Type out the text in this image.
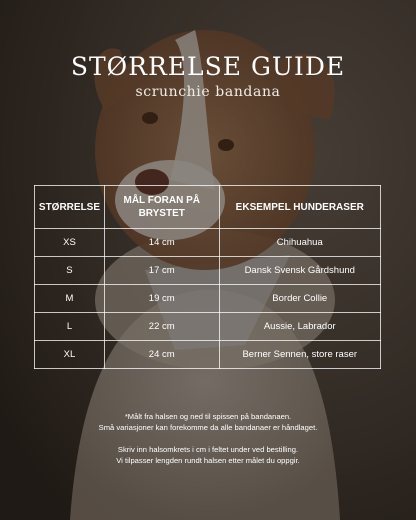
STØRRELSE GUIDE

scrunchie bandana

STØRRELSE	MÅL FORAN PÅ BRYSTET	EKSEMPEL HUNDERASER
XS	14 cm	Chihuahua
S	17 cm	Dansk Svensk Gårdshund
M	19 cm	Border Collie
L	22 cm	Aussie, Labrador
XL	24 cm	Berner Sennen, store raser

*Målt fra halsen og ned til spissen på bandanaen.

Små variasjoner kan forekomme da alle bandanaer er håndlaget.

Skriv inn halsomkrets i cm i feltet under ved bestilling.

Vi tilpasser lengden rundt halsen etter målet du oppgir.
